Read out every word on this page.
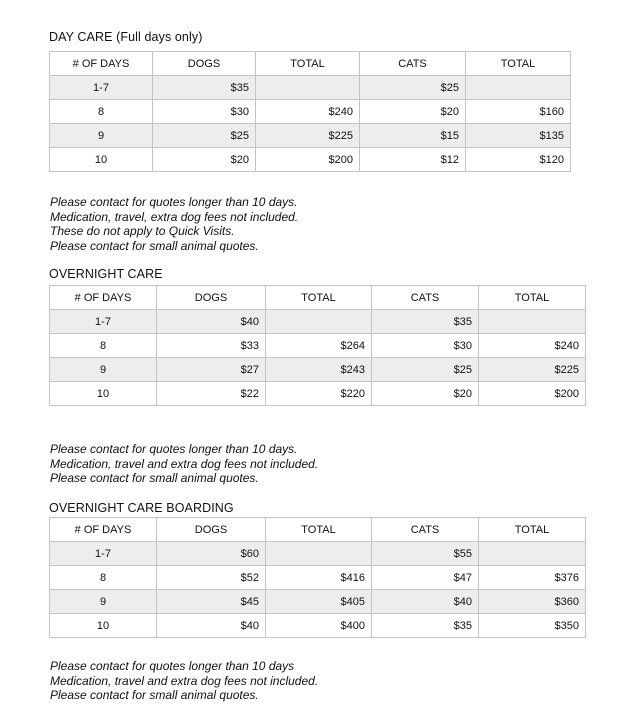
DAY CARE (Full days only)
# OF DAYS	DOGS	TOTAL	CATS	TOTAL
1-7	$35		$25	
8	$30	$240	$20	$160
9	$25	$225	$15	$135
10	$20	$200	$12	$120
Please contact for quotes longer than 10 days.
Medication, travel, extra dog fees not included.
These do not apply to Quick Visits.
Please contact for small animal quotes.
OVERNIGHT CARE
# OF DAYS	DOGS	TOTAL	CATS	TOTAL
1-7	$40		$35	
8	$33	$264	$30	$240
9	$27	$243	$25	$225
10	$22	$220	$20	$200
Please contact for quotes longer than 10 days.
Medication, travel and extra dog fees not included.
Please contact for small animal quotes.
OVERNIGHT CARE BOARDING
# OF DAYS	DOGS	TOTAL	CATS	TOTAL
1-7	$60		$55	
8	$52	$416	$47	$376
9	$45	$405	$40	$360
10	$40	$400	$35	$350
Please contact for quotes longer than 10 days
Medication, travel and extra dog fees not included.
Please contact for small animal quotes.
